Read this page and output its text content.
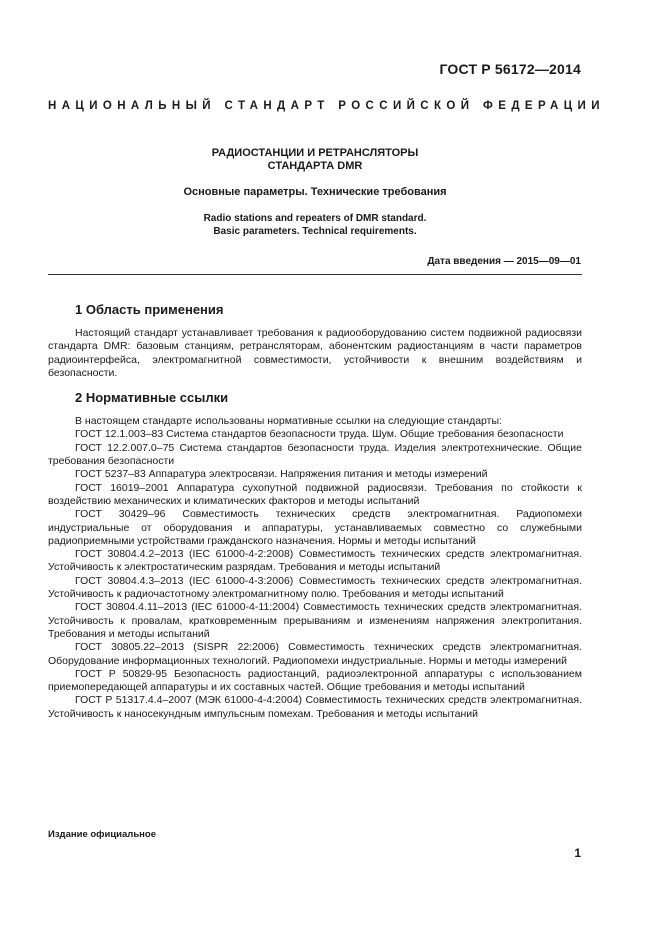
ГОСТ Р 56172—2014
НАЦИОНАЛЬНЫЙ СТАНДАРТ РОССИЙСКОЙ ФЕДЕРАЦИИ
РАДИОСТАНЦИИ И РЕТРАНСЛЯТОРЫ
СТАНДАРТА DMR
Основные параметры. Технические требования
Radio stations and repeaters of DMR standard.
Basic parameters. Technical requirements.
Дата введения — 2015—09—01
1 Область применения

Настоящий стандарт устанавливает требования к радиооборудованию систем подвижной радиосвязи стандарта DMR: базовым станциям, ретрансляторам, абонентским радиостанциям в части параметров радиоинтерфейса, электромагнитной совместимости, устойчивости к внешним воздействиям и безопасности.

2 Нормативные ссылки

В настоящем стандарте использованы нормативные ссылки на следующие стандарты:

ГОСТ 12.1.003–83 Система стандартов безопасности труда. Шум. Общие требования безопасности

ГОСТ 12.2.007.0–75 Система стандартов безопасности труда. Изделия электротехнические. Общие требования безопасности

ГОСТ 5237–83 Аппаратура электросвязи. Напряжения питания и методы измерений

ГОСТ 16019–2001 Аппаратура сухопутной подвижной радиосвязи. Требования по стойкости к воздействию механических и климатических факторов и методы испытаний

ГОСТ 30429–96 Совместимость технических средств электромагнитная. Радиопомехи индустриальные от оборудования и аппаратуры, устанавливаемых совместно со служебными радиоприемными устройствами гражданского назначения. Нормы и методы испытаний

ГОСТ 30804.4.2–2013 (IEC 61000-4-2:2008) Совместимость технических средств электромагнитная. Устойчивость к электростатическим разрядам. Требования и методы испытаний

ГОСТ 30804.4.3–2013 (IEC 61000-4-3:2006) Совместимость технических средств электромагнитная. Устойчивость к радиочастотному электромагнитному полю. Требования и методы испытаний

ГОСТ 30804.4.11–2013 (IEC 61000-4-11:2004) Совместимость технических средств электромагнитная. Устойчивость к провалам, кратковременным прерываниям и изменениям напряжения электропитания. Требования и методы испытаний

ГОСТ 30805.22–2013 (SISPR 22:2006) Совместимость технических средств электромагнитная. Оборудование информационных технологий. Радиопомехи индустриальные. Нормы и методы измерений

ГОСТ Р 50829-95 Безопасность радиостанций, радиоэлектронной аппаратуры с использованием приемопередающей аппаратуры и их составных частей. Общие требования и методы испытаний

ГОСТ Р 51317.4.4–2007 (МЭК 61000-4-4:2004) Совместимость технических средств электромагнитная. Устойчивость к наносекундным импульсным помехам. Требования и методы испытаний

Издание официальное
1
